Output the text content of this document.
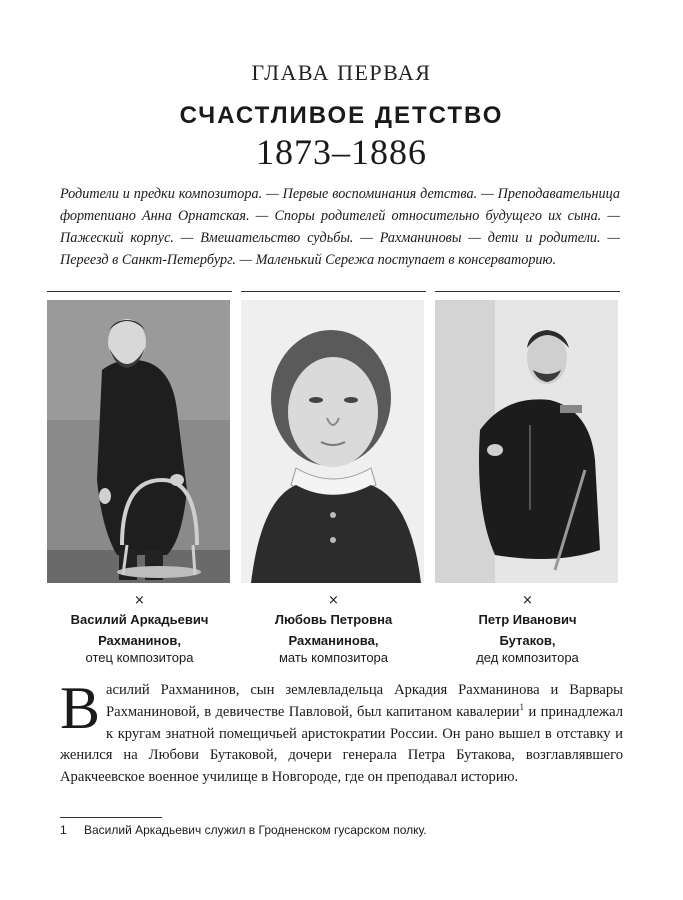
ГЛАВА ПЕРВАЯ
СЧАСТЛИВОЕ ДЕТСТВО
1873–1886
Родители и предки композитора. — Первые воспоминания детства. — Преподавательница фортепиано Анна Орнатская. — Споры родителей относительно будущего их сына. — Пажеский корпус. — Вмешательство судьбы. — Рахманиновы — дети и родители. — Переезд в Санкт-Петербург. — Маленький Сережа поступает в консерваторию.
×
Василий Аркадьевич
Рахманинов,
отец композитора
×
Любовь Петровна
Рахманинова,
мать композитора
×
Петр Иванович
Бутаков,
дед композитора
Василий Рахманинов, сын землевладельца Аркадия Рахманинова и Варвары Рахманиновой, в девичестве Павловой, был капитаном кавалерии$^1$ и принадлежал к кругам знатной помещичьей аристократии России. Он рано вышел в отставку и женился на Любови Бутаковой, дочери генерала Петра Бутакова, возглавлявшего Аракчеевское военное училище в Новгороде, где он преподавал историю.
1 Василий Аркадьевич служил в Гродненском гусарском полку.
